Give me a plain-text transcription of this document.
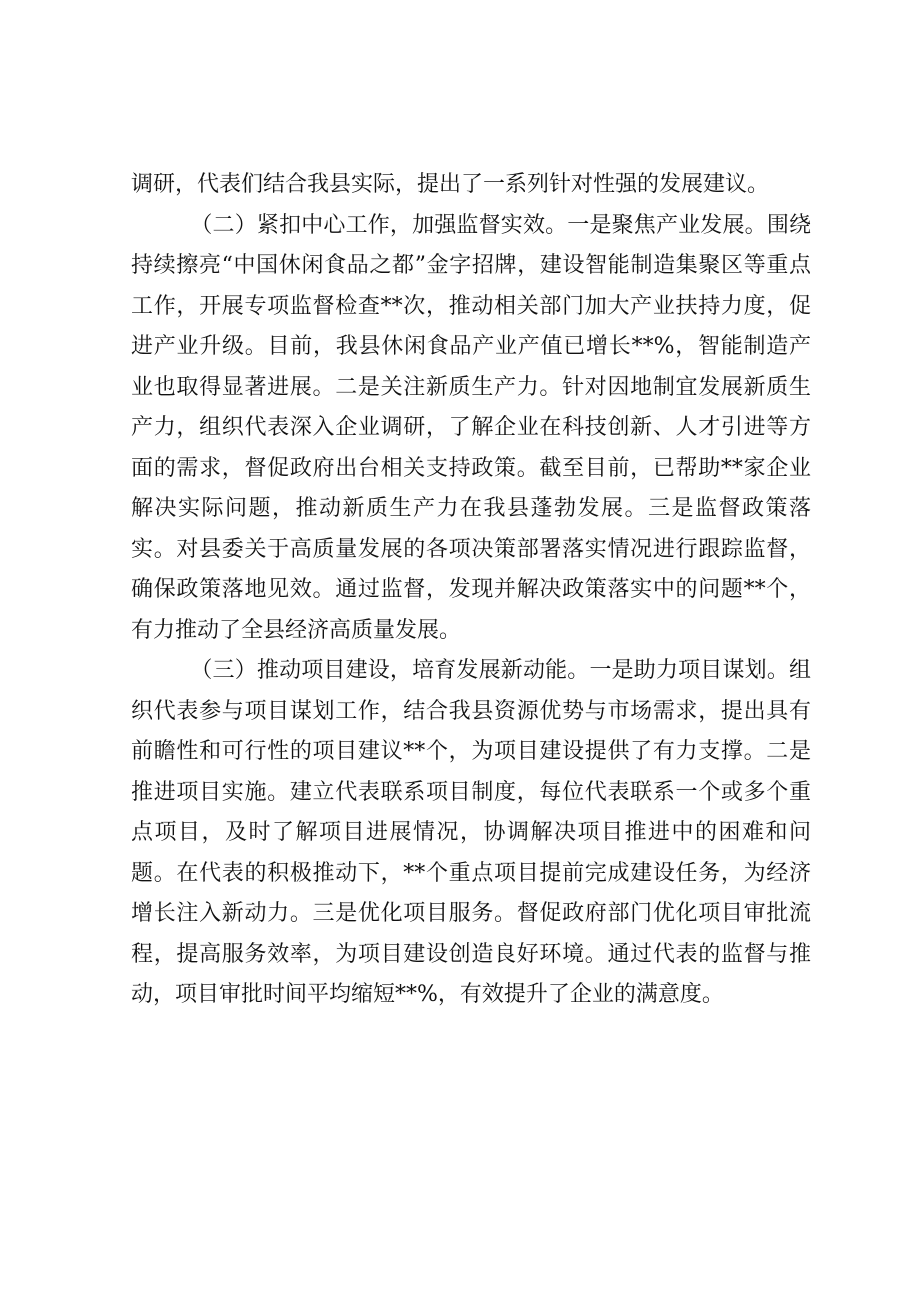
调研，代表们结合我县实际，提出了一系列针对性强的发展建议。

（二）紧扣中心工作，加强监督实效。一是聚焦产业发展。围绕持续擦亮“中国休闲食品之都”金字招牌，建设智能制造集聚区等重点工作，开展专项监督检查**次，推动相关部门加大产业扶持力度，促进产业升级。目前，我县休闲食品产业产值已增长**%，智能制造产业也取得显著进展。二是关注新质生产力。针对因地制宜发展新质生产力，组织代表深入企业调研，了解企业在科技创新、人才引进等方面的需求，督促政府出台相关支持政策。截至目前，已帮助**家企业解决实际问题，推动新质生产力在我县蓬勃发展。三是监督政策落实。对县委关于高质量发展的各项决策部署落实情况进行跟踪监督，确保政策落地见效。通过监督，发现并解决政策落实中的问题**个，有力推动了全县经济高质量发展。

（三）推动项目建设，培育发展新动能。一是助力项目谋划。组织代表参与项目谋划工作，结合我县资源优势与市场需求，提出具有前瞻性和可行性的项目建议**个，为项目建设提供了有力支撑。二是推进项目实施。建立代表联系项目制度，每位代表联系一个或多个重点项目，及时了解项目进展情况，协调解决项目推进中的困难和问题。在代表的积极推动下，**个重点项目提前完成建设任务，为经济增长注入新动力。三是优化项目服务。督促政府部门优化项目审批流程，提高服务效率，为项目建设创造良好环境。通过代表的监督与推动，项目审批时间平均缩短**%，有效提升了企业的满意度。
